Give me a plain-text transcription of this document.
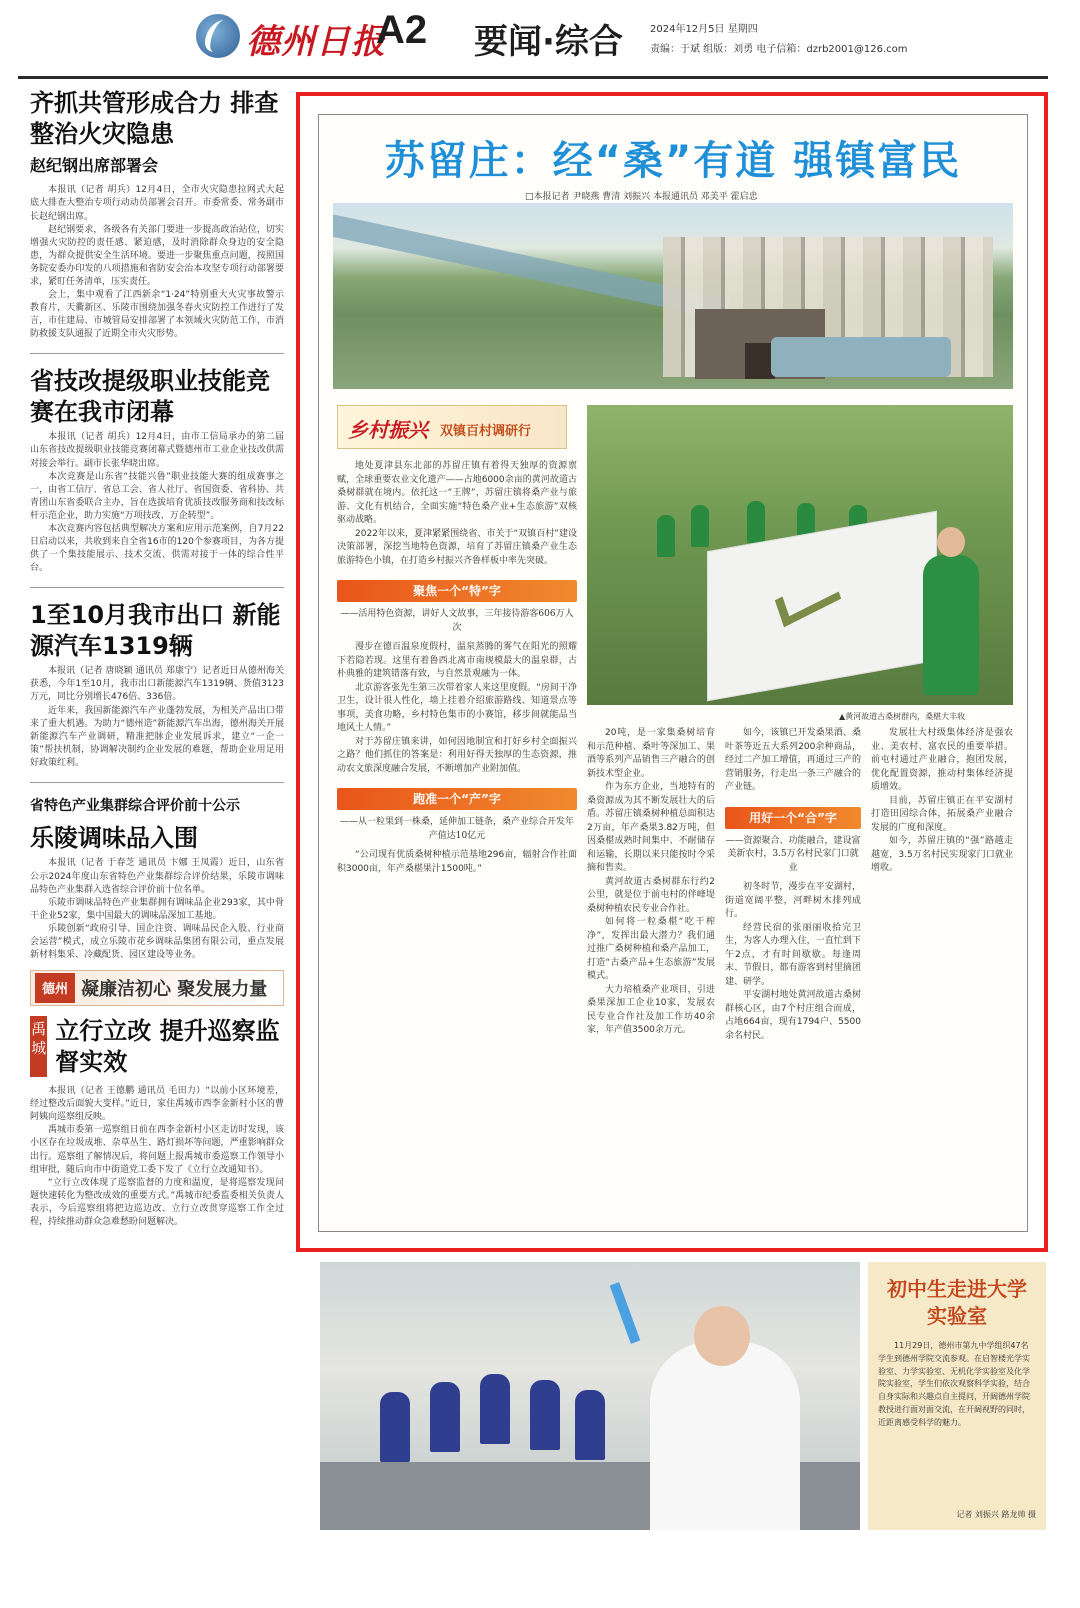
德州日报
A2 要闻·综合	2024年12月5日 星期四
责编：于斌 组版：刘勇 电子信箱：dzrb2001@126.com
齐抓共管形成合力 排查整治火灾隐患
赵纪钢出席部署会

本报讯（记者 胡兵）12月4日，全市火灾隐患拉网式大起底大排查大整治专项行动动员部署会召开。市委常委、常务副市长赵纪钢出席。

赵纪钢要求，各级各有关部门要进一步提高政治站位，切实增强火灾防控的责任感、紧迫感，及时消除群众身边的安全隐患，为群众提供安全生活环境。要进一步聚焦重点问题，按照国务院安委办印发的八项措施和省防安会治本攻坚专项行动部署要求，紧盯任务清单，压实责任。

会上，集中观看了江西新余“1·24”特别重大火灾事故警示教育片，天衢新区、乐陵市围绕加强冬春火灾防控工作进行了发言，市住建局、市城管局安排部署了本领域火灾防范工作，市消防救援支队通报了近期全市火灾形势。

省技改提级职业技能竞赛在我市闭幕

本报讯（记者 胡兵）12月4日，由市工信局承办的第二届山东省技改提级职业技能竞赛闭幕式暨德州市工业企业技改供需对接会举行。副市长张华晓出席。

本次竞赛是山东省“技能兴鲁”职业技能大赛的组成赛事之一，由省工信厅、省总工会、省人社厅、省国资委、省科协、共青团山东省委联合主办，旨在选拔培育优质技改服务商和技改标杆示范企业，助力实施“万项技改、万企转型”。

本次竞赛内容包括典型解决方案和应用示范案例，自7月22日启动以来，共收到来自全省16市的120个参赛项目，为各方提供了一个集技能展示、技术交流、供需对接于一体的综合性平台。

1至10月我市出口 新能源汽车1319辆

本报讯（记者 唐晓颖 通讯员 郑康宁）记者近日从德州海关获悉，今年1至10月，我市出口新能源汽车1319辆、货值3123万元，同比分别增长476倍、336倍。

近年来，我国新能源汽车产业蓬勃发展，为相关产品出口带来了重大机遇。为助力“德州造”新能源汽车出海，德州海关开展新能源汽车产业调研，精准把脉企业发展诉求，建立“一企一策”帮扶机制，协调解决制约企业发展的难题，帮助企业用足用好政策红利。

省特色产业集群综合评价前十公示
乐陵调味品入围

本报讯（记者 于春芝 通讯员 卞娜 王凤霞）近日，山东省公示2024年度山东省特色产业集群综合评价结果，乐陵市调味品特色产业集群入选省综合评价前十位名单。

乐陵市调味品特色产业集群拥有调味品企业293家，其中骨干企业52家，集中国最大的调味品深加工基地。

乐陵创新“政府引导、国企注资、调味品民企入股、行业商会运营”模式，成立乐陵市花乡调味品集团有限公司，重点发展新材料集采、冷藏配货、园区建设等业务。

德州 凝廉洁初心 聚发展力量
禹城
立行立改 提升巡察监督实效

本报讯（记者 王德鹏 通讯员 毛田力）“以前小区环境差，经过整改后面貌大变样。”近日，家住禹城市西李金新村小区的曹阿姨向巡察组反映。

禹城市委第一巡察组日前在西李金新村小区走访时发现，该小区存在垃圾成堆、杂草丛生、路灯损坏等问题，严重影响群众出行。巡察组了解情况后，将问题上报禹城市委巡察工作领导小组审批，随后向市中街道党工委下发了《立行立改通知书》。

“立行立改体现了巡察监督的力度和温度，是将巡察发现问题快速转化为整改成效的重要方式。”禹城市纪委监委相关负责人表示，今后巡察组将把边巡边改、立行立改贯穿巡察工作全过程，持续推动群众急难愁盼问题解决。

苏留庄：经“桑”有道 强镇富民
□本报记者 尹晓燕 曹清 刘振兴 本报通讯员 邓美平 霍启忠
乡村振兴 双镇百村调研行
▲黄河故道古桑树群内，桑椹大丰收

地处夏津县东北部的苏留庄镇有着得天独厚的资源禀赋，全球重要农业文化遗产——占地6000余亩的黄河故道古桑树群就在境内。依托这一“王牌”，苏留庄镇将桑产业与旅游、文化有机结合，全面实施“特色桑产业+生态旅游”双核驱动战略。

2022年以来，夏津紧紧围绕省、市关于“双镇百村”建设决策部署，深挖当地特色资源，培育了苏留庄镇桑产业生态旅游特色小镇，在打造乡村振兴齐鲁样板中率先突破。

聚焦一个“特”字
——活用特色资源，讲好人文故事，三年接待游客606万人次

漫步在德百温泉度假村，温泉蒸腾的雾气在阳光的照耀下若隐若现。这里有着鲁西北离市南规模最大的温泉群，古朴典雅的建筑错落有致，与自然景观融为一体。

北京游客张先生第三次带着家人来这里度假。“房间干净卫生，设计很人性化，墙上挂着介绍旅游路线、知道景点等事项，美食功略，乡村特色集市的小赛馆，移步间就能品当地风土人情。”

对于苏留庄镇来讲，如何因地制宜和打好乡村全面振兴之路？他们抓住的答案是：利用好得天独厚的生态资源，推动农文旅深度融合发展，不断增加产业附加值。

跑准一个“产”字
——从一粒果到一株桑，延伸加工链条，桑产业综合开发年产值达10亿元

“公司现有优质桑树种植示范基地296亩，辐射合作社面积3000亩，年产桑椹果汁1500吨。”

20吨，是一家集桑树培育和示范种植、桑叶等深加工、果酒等系列产品销售三产融合的创新技术型企业。

作为东方企业，当地特有的桑资源成为其不断发展壮大的后盾。苏留庄镇桑树种植总面积达2万亩，年产桑果3.82万吨，但因桑椹成熟时间集中、不耐储存和运输，长期以来只能按时令采摘和售卖。

黄河故道古桑树群东行约2公里，就是位于前屯村的伴峰堤桑树种植农民专业合作社。

如何将一粒桑椹“吃干榨净”，发挥出最大潜力？我们通过推广桑树种植和桑产品加工，打造“古桑产品+生态旅游”发展模式。

大力培植桑产业项目，引进桑果深加工企业10家，发展农民专业合作社及加工作坊40余家，年产值3500余万元。

如今，该镇已开发桑果酒、桑叶茶等近五大系列200余种商品，经过二产加工增值，再通过三产的营销服务，行走出一条三产融合的产业链。

用好一个“合”字
——资源聚合、功能融合，建设富美新农村，3.5万名村民家门口就业

初冬时节，漫步在平安湖村，街道宽阔平整，河畔树木排列成行。

经营民宿的张丽丽收拾完卫生，为客人办理入住，一直忙到下午2点，才有时间歇歇。每逢周末、节假日，都有游客到村里摘团建、研学。

平安湖村地处黄河故道古桑树群核心区，由7个村庄组合而成，占地664亩，现有1794户、5500余名村民。

发展壮大村级集体经济是强农业、美农村、富农民的重要举措。前屯村通过产业融合，抱团发展，优化配置资源，推动村集体经济提质增效。

目前，苏留庄镇正在平安湖村打造田园综合体，拓展桑产业融合发展的广度和深度。

如今，苏留庄镇的“强”路越走越宽，3.5万名村民实现家门口就业增收。

初中生走进大学实验室

11月29日，德州市第九中学组织47名学生到德州学院交流参观。在启智楼光学实验室、力学实验室、无机化学实验室及化学院实验室，学生们依次观察科学实验，结合自身实际和兴趣点自主提问，开阔德州学院教授进行面对面交流，在开阔视野的同时，近距离感受科学的魅力。

记者 刘振兴 路龙帅 摄
